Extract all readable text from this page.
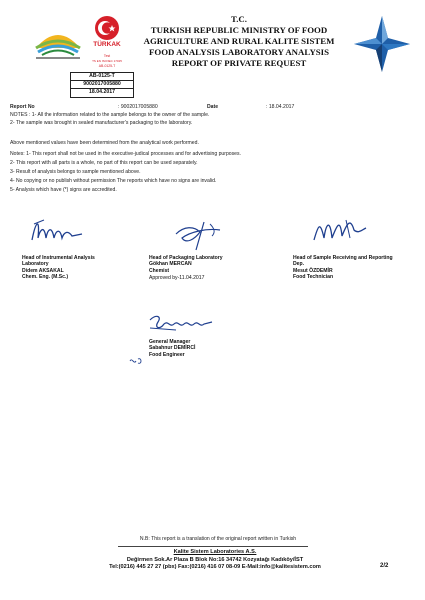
TÜRKAK
Test
TS EN ISO/IEC 17025
AB-0125-T
T.C.
TURKISH REPUBLIC MINISTRY OF FOOD
AGRICULTURE AND RURAL KALITE SISTEM
FOOD ANALYSIS LABORATORY ANALYSIS
REPORT OF PRIVATE REQUEST
AB-0125-T
9002017005880
18.04.2017
Report No	: 9002017005880	Date	: 18.04.2017
NOTES : 1- All the information related to the sample belongs to the owner of the sample.
2- The sample was brought in sealed manufacturer's packaging to the laboratory.
Above mentioned values have been determined from the analytical work performed.
Notes: 1- This report shall not be used in the executive-judical processes and for advertising purposes.
2- This report with all parts is a whole, no part of this report can be used separately.
3- Result of analysis belongs to sample mentioned above.
4- No copying or no publish without permission The reports which have no signs are invalid.
5- Analysis which have (*) signs are accredited.
Head of Instrumental Analysis
Laboratory
Didem AKSAKAL
Chem. Eng. (M.Sc.)
Head of Packaging Laboratory
Gökhan MERCAN
Chemist
Approved by-11.04.2017
Head of Sample Receiving and Reporting
Dep.
Mesut ÖZDEMİR
Food Technician
General Manager
Sabahnur DEMİRCİ
Food Engineer
N.B: This report is a translation of the original report written in Turkish
Kalite Sistem Laboratories A.S.
Değirmen Sok.Ar Plaza B Blok No:16 34742 Kozyatağı Kadıköy/İST
Tel:(0216) 445 27 27 (pbx) Fax:(0216) 416 07 08-09 E-Mail:info@kalitesistem.com	2/2
